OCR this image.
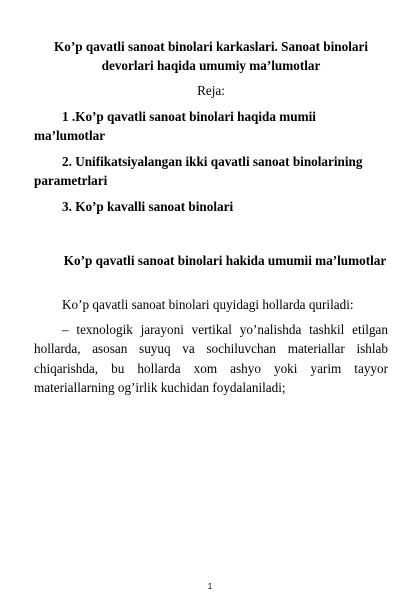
Ko’p qavatli sanoat binolari karkaslari. Sanoat binolari devorlari haqida umumiy ma’lumotlar
Reja:
1 .Ko’p qavatli sanoat binolari haqida mumii ma’lumotlar
2. Unifikatsiyalangan ikki qavatli sanoat binolarining parametrlari
3. Ko’p kavalli sanoat binolari
Ko’p qavatli sanoat binolari hakida umumii ma’lumotlar
Ko’p qavatli sanoat binolari quyidagi hollarda quriladi:
– texnologik jarayoni vertikal yo’nalishda tashkil etilgan hollarda, asosan suyuq va sochiluvchan materiallar ishlab chiqarishda, bu hollarda xom ashyo yoki yarim tayyor materiallarning og’irlik kuchidan foydalaniladi;
1
